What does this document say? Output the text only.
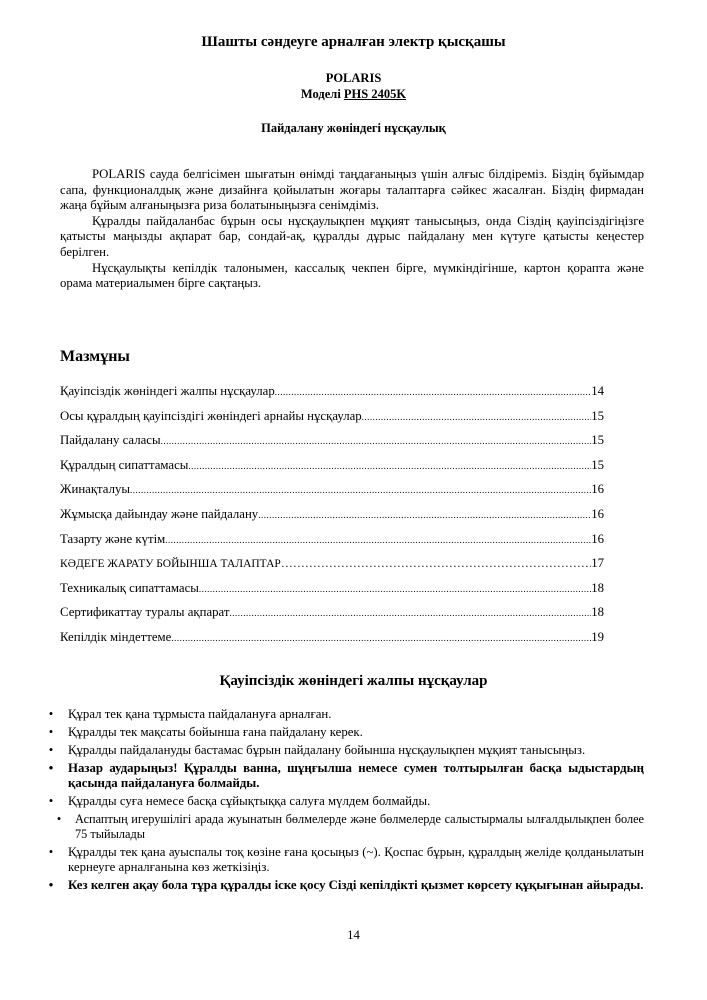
Шашты сәндеуге арналған электр қысқашы
POLARIS
Моделі PHS 2405K
Пайдалану жөніндегі нұсқаулық

POLARIS сауда белгісімен шығатын өнімді таңдағаныңыз үшін алғыс білдіреміз. Біздің бұйымдар сапа, функционалдық және дизайнға қойылатын жоғары талаптарға сәйкес жасалған. Біздің фирмадан жаңа бұйым алғаныңызға риза болатыныңызға сенімдіміз.

Құралды пайдаланбас бұрын осы нұсқаулықпен мұқият танысыңыз, онда Сіздің қауіпсіздігіңізге қатысты маңызды ақпарат бар, сондай-ақ, құралды дұрыс пайдалану мен күтуге қатысты кеңестер берілген.

Нұсқаулықты кепілдік талонымен, кассалық чекпен бірге, мүмкіндігінше, картон қорапта және орама материалымен бірге сақтаңыз.

Мазмұны
Қауіпсіздік жөніндегі жалпы нұсқаулар .....	14
Осы құралдың қауіпсіздігі жөніндегі арнайы нұсқаулар .....	15
Пайдалану саласы .....	15
Құралдың сипаттамасы .....	15
Жинақталуы .....	16
Жұмысқа дайындау және пайдалану .....	16
Тазарту және күтім .....	16
КӘДЕГЕ ЖАРАТУ БОЙЫНША ТАЛАПТАР …………………………………………………………………………………………………………	17
Техникалық сипаттамасы .....	18
Сертификаттау туралы ақпарат .....	18
Кепілдік міндеттеме .....	19
Қауіпсіздік жөніндегі жалпы нұсқаулар
•	Құрал тек қана тұрмыста пайдалануға арналған.
•	Құралды тек мақсаты бойынша ғана пайдалану керек.
•	Құралды пайдалануды бастамас бұрын пайдалану бойынша нұсқаулықпен мұқият танысыңыз.
•	Назар аударыңыз! Құралды ванна, шұңғылша немесе сумен толтырылған басқа ыдыстардың қасында пайдалануға болмайды.
•	Құралды суға немесе басқа сұйықтыққа салуға мүлдем болмайды.
•	Аспаптың игерушілігі арада жуынатын бөлмелерде және бөлмелерде салыстырмалы ылғалдылықпен более 75 тыйылады
•	Құралды тек қана ауыспалы тоқ көзіне ғана қосыңыз (~). Қоспас бұрын, құралдың желіде қолданылатын кернеуге арналғанына көз жеткізіңіз.
•	Кез келген ақау бола тұра құралды іске қосу Сізді кепілдікті қызмет көрсету құқығынан айырады.
14
